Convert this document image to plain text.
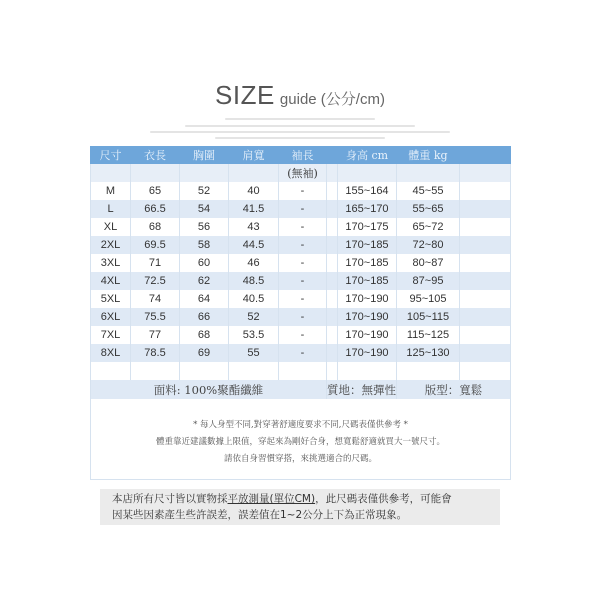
SIZE guide (公分/cm)
尺寸	衣長	胸圍	肩寬	袖長		身高 cm	體重 kg	
				(無袖)				
M	65	52	40	-		155~164	45~55	
L	66.5	54	41.5	-		165~170	55~65	
XL	68	56	43	-		170~175	65~72	
2XL	69.5	58	44.5	-		170~185	72~80	
3XL	71	60	46	-		170~185	80~87	
4XL	72.5	62	48.5	-		170~185	87~95	
5XL	74	64	40.5	-		170~190	95~105	
6XL	75.5	66	52	-		170~190	105~115	
7XL	77	68	53.5	-		170~190	115~125	
8XL	78.5	69	55	-		170~190	125~130	

面料: 100%聚酯纖維					質地：無彈性		版型：寬鬆	

* 每人身型不同,對穿著舒適度要求不同,尺碼表僅供參考 *
體重靠近建議數據上限值，穿起來為剛好合身，想寬鬆舒適就買大一號尺寸。
請依自身習慣穿搭，來挑選適合的尺碼。								
本店所有尺寸皆以實物採平放測量(單位CM)，此尺碼表僅供參考，可能會
因某些因素產生些許誤差，誤差值在1~2公分上下為正常現象。
